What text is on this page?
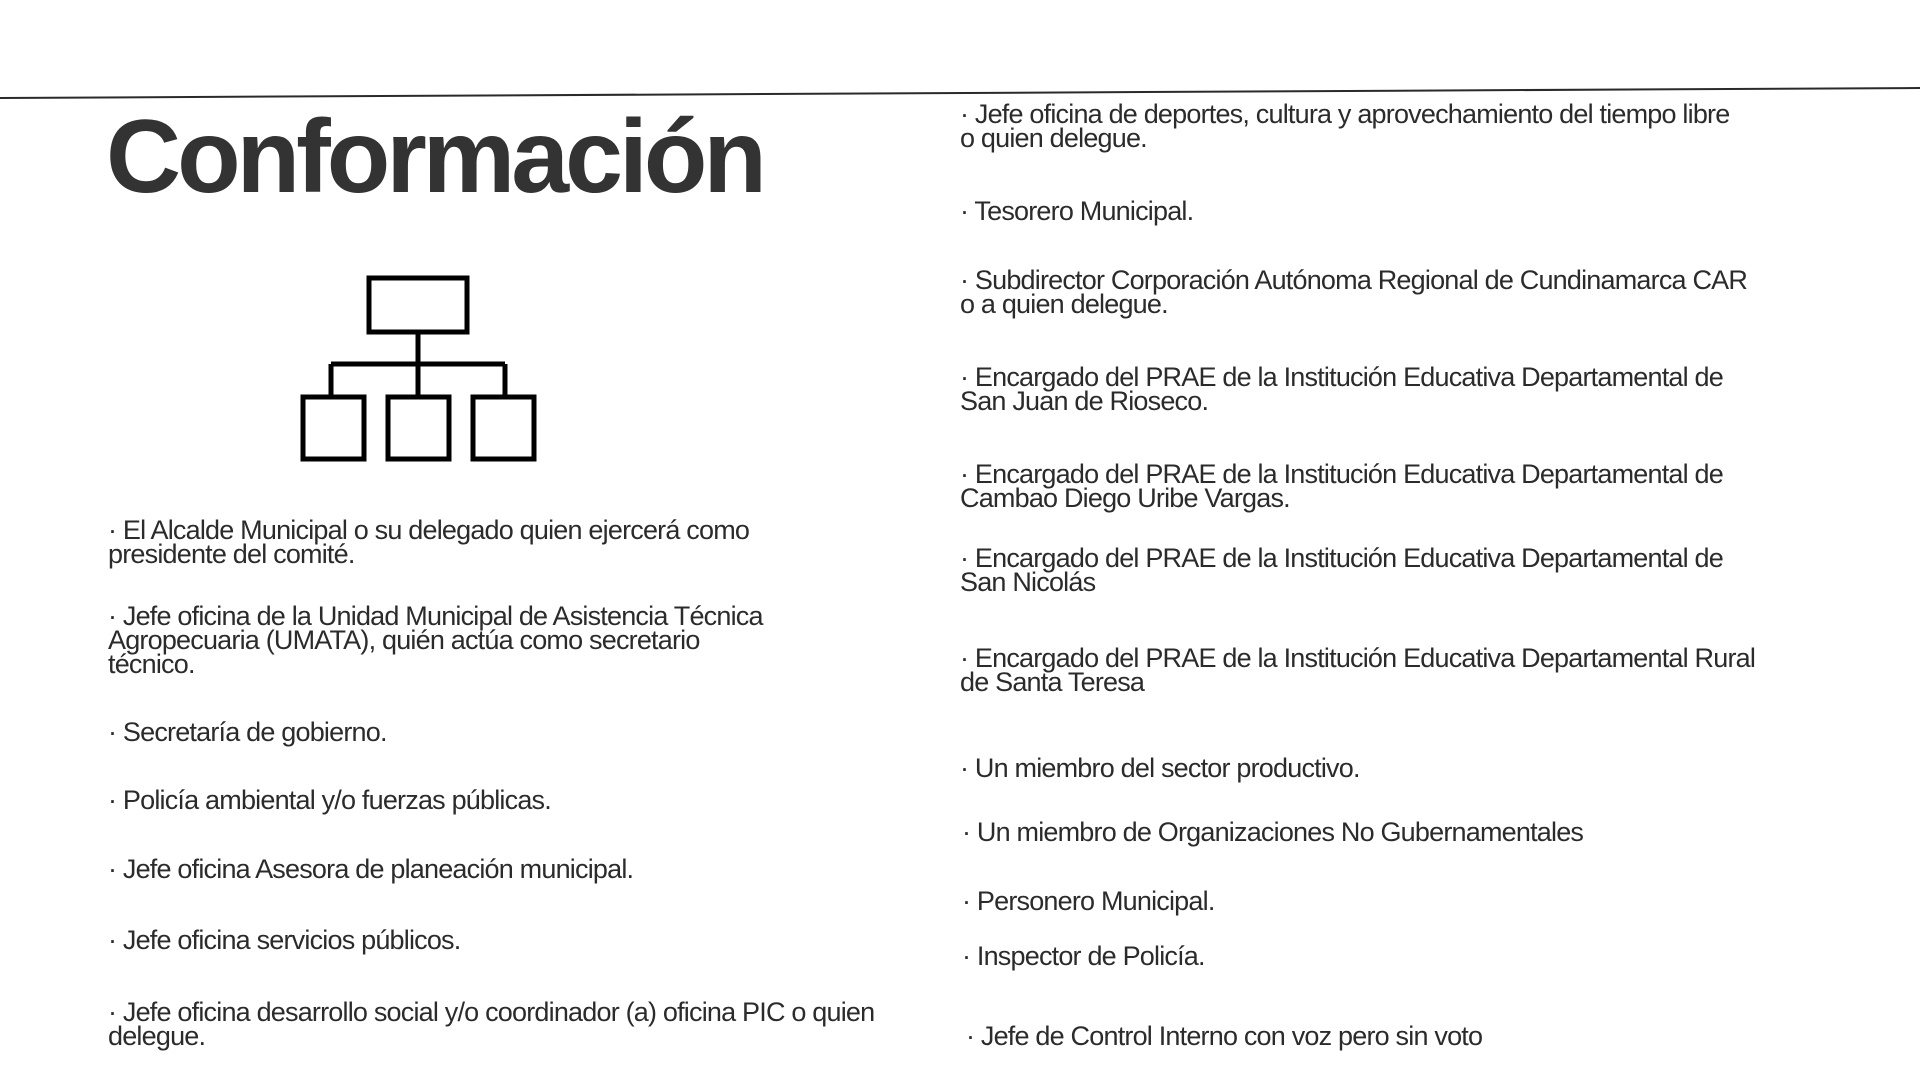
Conformación

· El Alcalde Municipal o su delegado quien ejercerá como
presidente del comité.

· Jefe oficina de la Unidad Municipal de Asistencia Técnica
Agropecuaria (UMATA), quién actúa como secretario
técnico.

· Secretaría de gobierno.

· Policía ambiental y/o fuerzas públicas.

· Jefe oficina Asesora de planeación municipal.

· Jefe oficina servicios públicos.

· Jefe oficina desarrollo social y/o coordinador (a) oficina PIC o quien
delegue.

· Jefe oficina de deportes, cultura y aprovechamiento del tiempo libre
o quien delegue.

· Tesorero Municipal.

· Subdirector Corporación Autónoma Regional de Cundinamarca CAR
o a quien delegue.

· Encargado del PRAE de la Institución Educativa Departamental de
San Juan de Rioseco.

· Encargado del PRAE de la Institución Educativa Departamental de
Cambao Diego Uribe Vargas.

· Encargado del PRAE de la Institución Educativa Departamental de
San Nicolás

· Encargado del PRAE de la Institución Educativa Departamental Rural
de Santa Teresa

· Un miembro del sector productivo.

· Un miembro de Organizaciones No Gubernamentales

· Personero Municipal.

· Inspector de Policía.

· Jefe de Control Interno con voz pero sin voto
